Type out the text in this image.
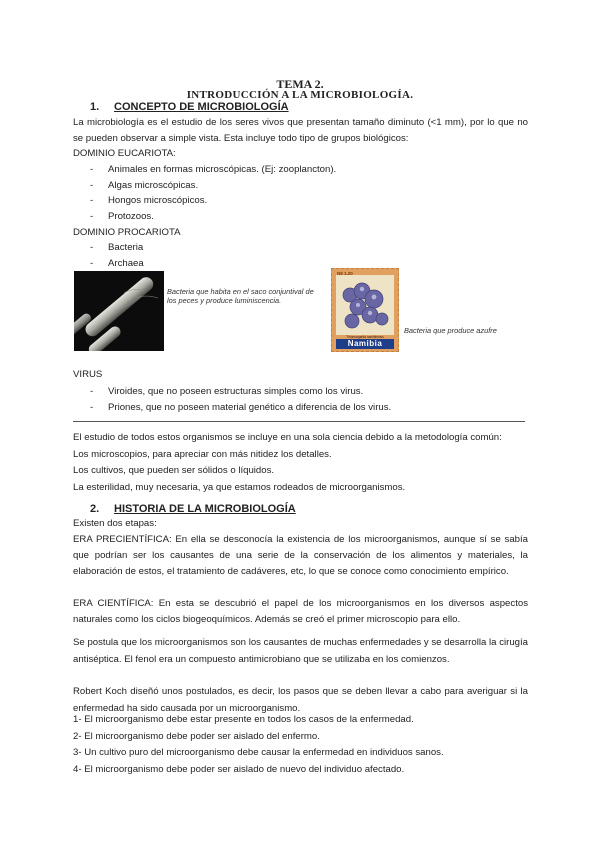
TEMA 2.
INTRODUCCIÓN A LA MICROBIOLOGÍA.
1. CONCEPTO DE MICROBIOLOGÍA
La microbiología es el estudio de los seres vivos que presentan tamaño diminuto (<1 mm), por lo que no se pueden observar a simple vista. Esta incluye todo tipo de grupos biológicos:
DOMINIO EUCARIOTA:
- Animales en formas microscópicas. (Ej: zooplancton).
- Algas microscópicas.
- Hongos microscópicos.
- Protozoos.
DOMINIO PROCARIOTA
- Bacteria
- Archaea
Bacteria que habita en el saco conjuntival de los peces y produce luminiscencia.
N$ 1.20
Thiomargarita namibiensis
Namibia
Bacteria que produce azufre
VIRUS
- Viroides, que no poseen estructuras simples como los virus.
- Priones, que no poseen material genético a diferencia de los virus.
El estudio de todos estos organismos se incluye en una sola ciencia debido a la metodología común:
Los microscopios, para apreciar con más nitidez los detalles.
Los cultivos, que pueden ser sólidos o líquidos.
La esterilidad, muy necesaria, ya que estamos rodeados de microorganismos.
2. HISTORIA DE LA MICROBIOLOGÍA
Existen dos etapas:
ERA PRECIENTÍFICA: En ella se desconocía la existencia de los microorganismos, aunque sí se sabía que podrían ser los causantes de una serie de la conservación de los alimentos y materiales, la elaboración de estos, el tratamiento de cadáveres, etc, lo que se conoce como conocimiento empírico.
ERA CIENTÍFICA: En esta se descubrió el papel de los microorganismos en los diversos aspectos naturales como los ciclos biogeoquímicos. Además se creó el primer microscopio para ello.
Se postula que los microorganismos son los causantes de muchas enfermedades y se desarrolla la cirugía antiséptica. El fenol era un compuesto antimicrobiano que se utilizaba en los comienzos.
Robert Koch diseñó unos postulados, es decir, los pasos que se deben llevar a cabo para averiguar si la enfermedad ha sido causada por un microorganismo.
1- El microorganismo debe estar presente en todos los casos de la enfermedad.
2- El microorganismo debe poder ser aislado del enfermo.
3- Un cultivo puro del microorganismo debe causar la enfermedad en individuos sanos.
4- El microorganismo debe poder ser aislado de nuevo del individuo afectado.
